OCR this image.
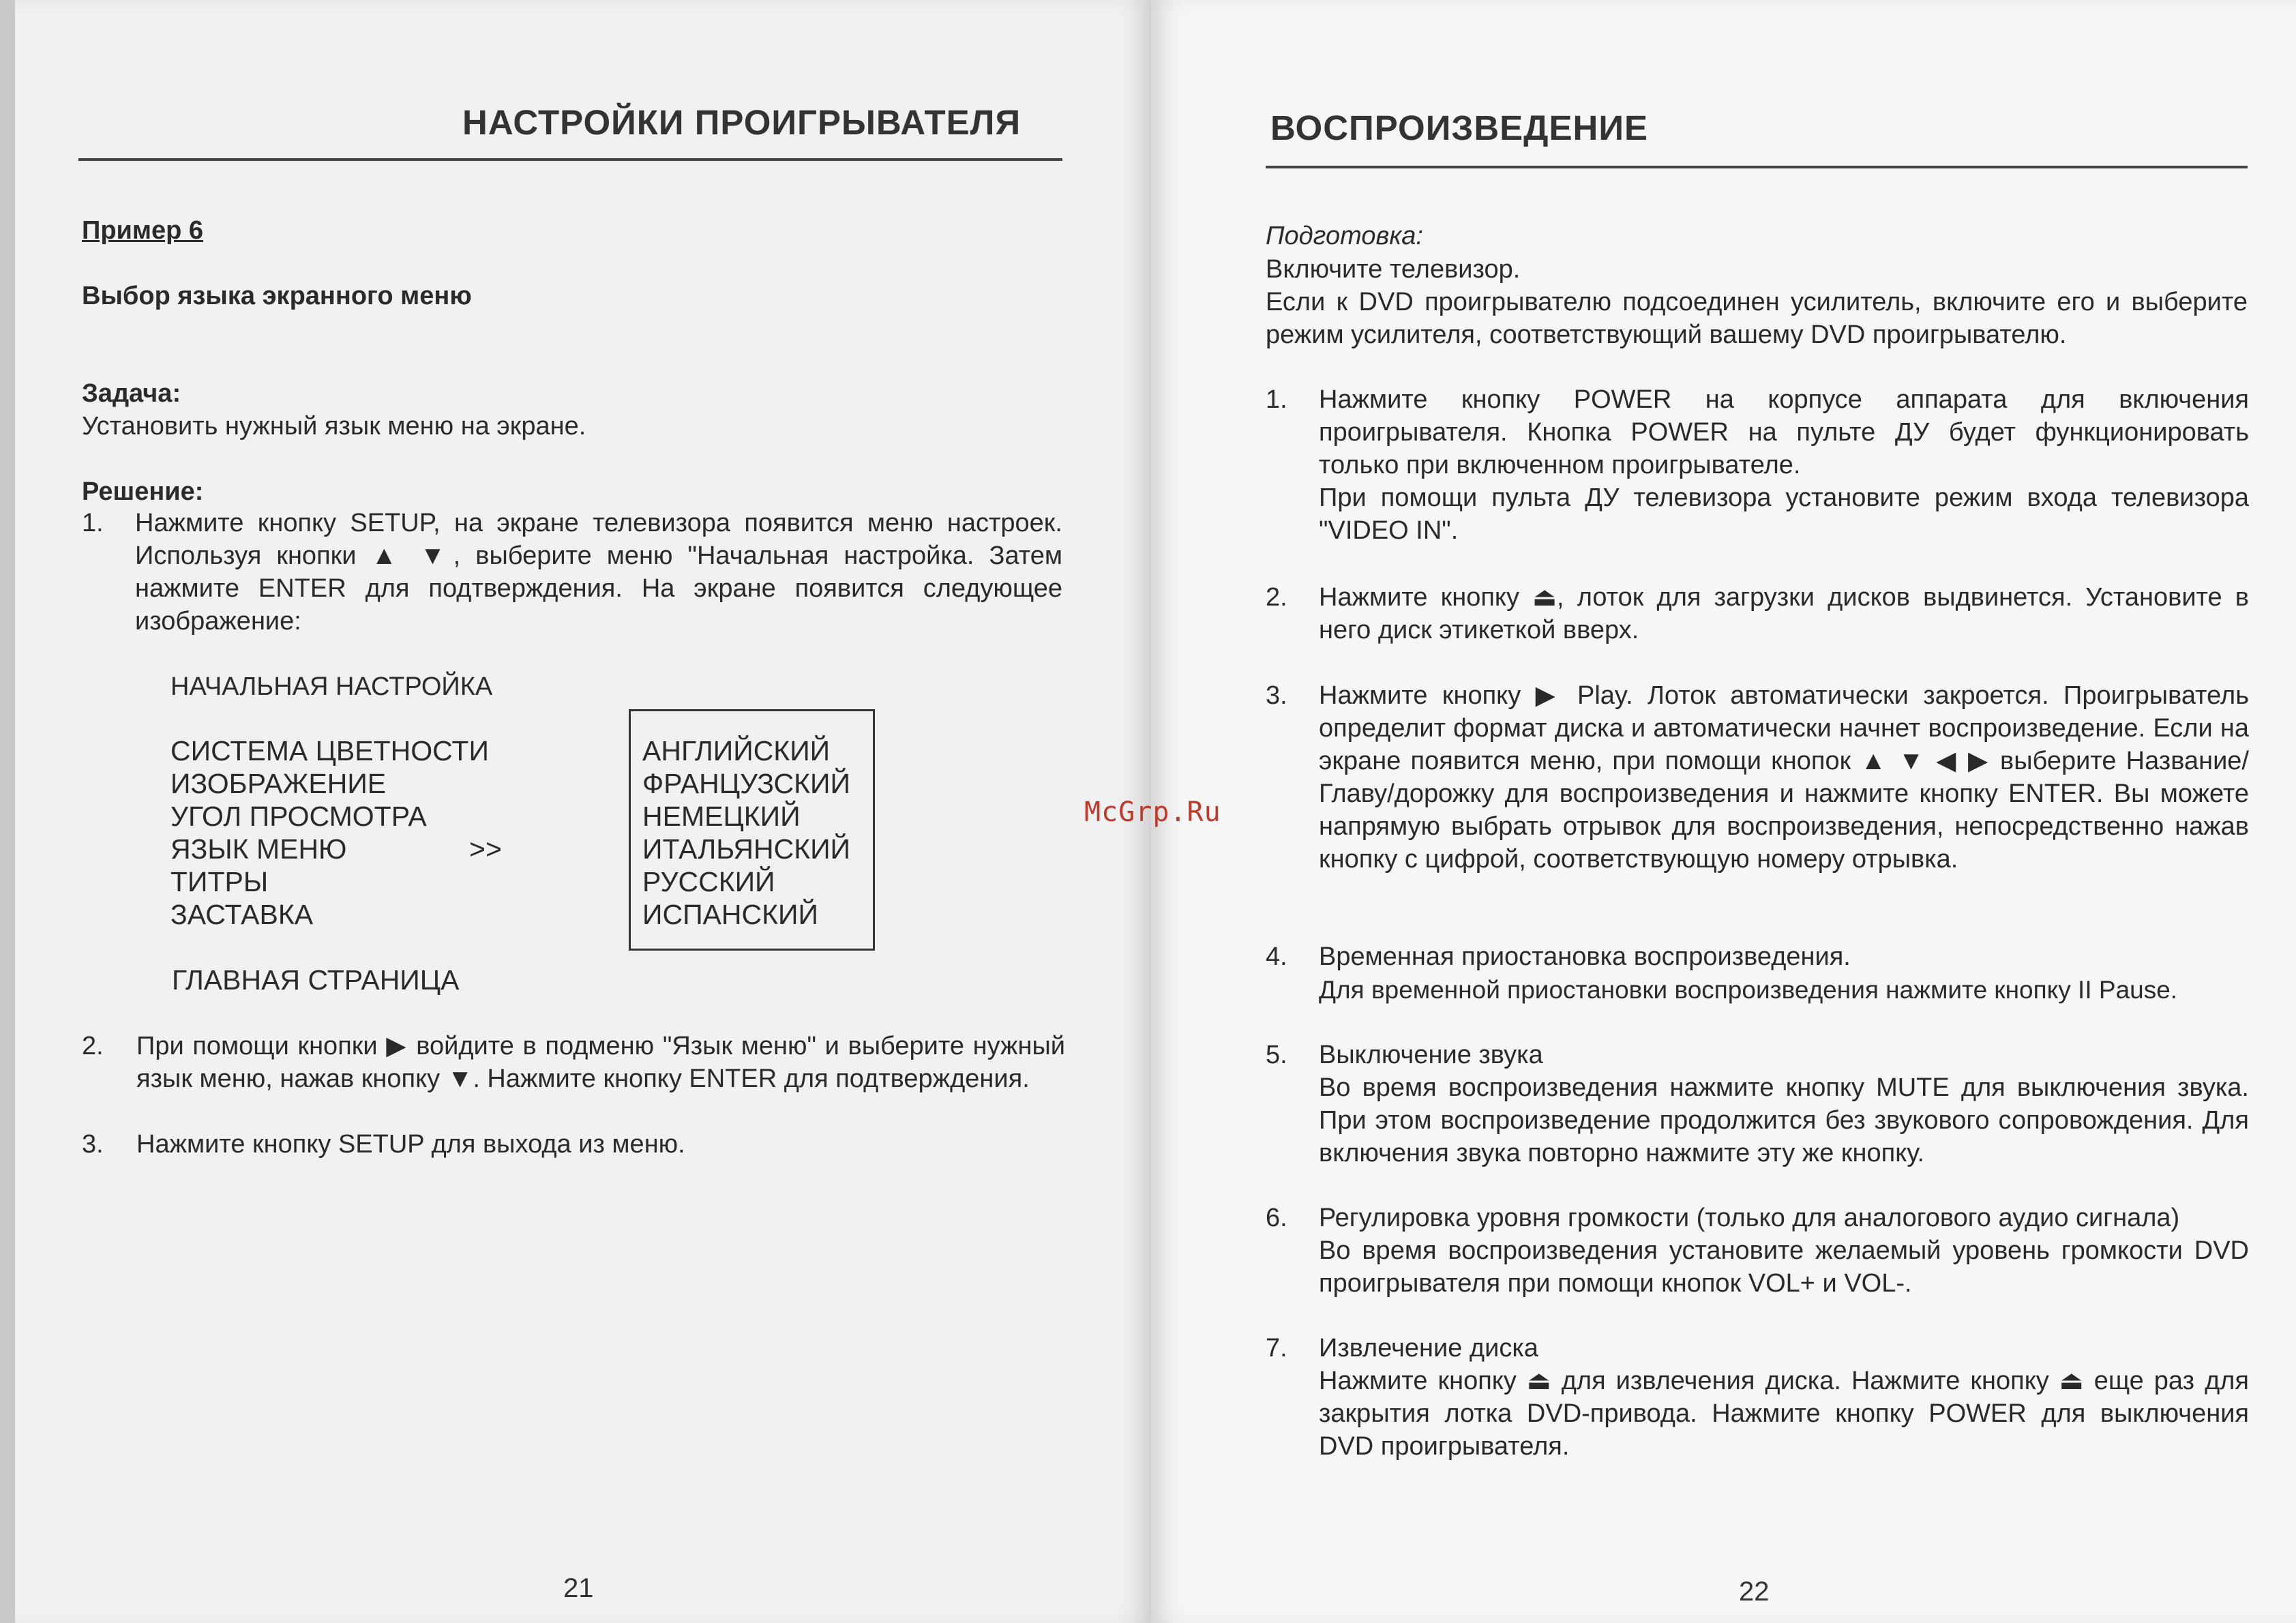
НАСТРОЙКИ ПРОИГРЫВАТЕЛЯ
Пример 6
Выбор языка экранного меню
Задача:
Установить нужный язык меню на экране.
Решение:
1. Нажмите кнопку SETUP, на экране телевизора появится меню настроек. Используя кнопки ▲ ▼, выберите меню "Начальная настройка. Затем нажмите ENTER для подтверждения. На экране появится следующее изображение:
НАЧАЛЬНАЯ НАСТРОЙКА
СИСТЕМА ЦВЕТНОСТИ
ИЗОБРАЖЕНИЕ
УГОЛ ПРОСМОТРА
ЯЗЫК МЕНЮ
ТИТРЫ
ЗАСТАВКА
>>
АНГЛИЙСКИЙ
ФРАНЦУЗСКИЙ
НЕМЕЦКИЙ
ИТАЛЬЯНСКИЙ
РУССКИЙ
ИСПАНСКИЙ
ГЛАВНАЯ СТРАНИЦА
2. При помощи кнопки ▶ войдите в подменю "Язык меню" и выберите нужный язык меню, нажав кнопку ▼. Нажмите кнопку ENTER для подтверждения.
3. Нажмите кнопку SETUP для выхода из меню.
21
ВОСПРОИЗВЕДЕНИЕ
Подготовка:
Включите телевизор.
Если к DVD проигрывателю подсоединен усилитель, включите его и выберите режим усилителя, соответствующий вашему DVD проигрывателю.
1. Нажмите кнопку POWER на корпусе аппарата для включения проигрывателя. Кнопка POWER на пульте ДУ будет функционировать только при включенном проигрывателе.
При помощи пульта ДУ телевизора установите режим входа телевизора "VIDEO IN".
2. Нажмите кнопку ⏏, лоток для загрузки дисков выдвинется. Установите в него диск этикеткой вверх.
3. Нажмите кнопку ▶ Play. Лоток автоматически закроется. Проигрыватель определит формат диска и автоматически начнет воспроизведение. Если на экране появится меню, при помощи кнопок ▲ ▼ ◀ ▶ выберите Название/Главу/дорожку для воспроизведения и нажмите кнопку ENTER. Вы можете напрямую выбрать отрывок для воспроизведения, непосредственно нажав кнопку с цифрой, соответствующую номеру отрывка.
4. Временная приостановка воспроизведения.
Для временной приостановки воспроизведения нажмите кнопку II Pause.
5. Выключение звука
Во время воспроизведения нажмите кнопку MUTE для выключения звука. При этом воспроизведение продолжится без звукового сопровождения. Для включения звука повторно нажмите эту же кнопку.
6. Регулировка уровня громкости (только для аналогового аудио сигнала)
Во время воспроизведения установите желаемый уровень громкости DVD проигрывателя при помощи кнопок VOL+ и VOL-.
7. Извлечение диска
Нажмите кнопку ⏏ для извлечения диска. Нажмите кнопку ⏏ еще раз для закрытия лотка DVD-привода. Нажмите кнопку POWER для выключения DVD проигрывателя.
22
McGrp.Ru
